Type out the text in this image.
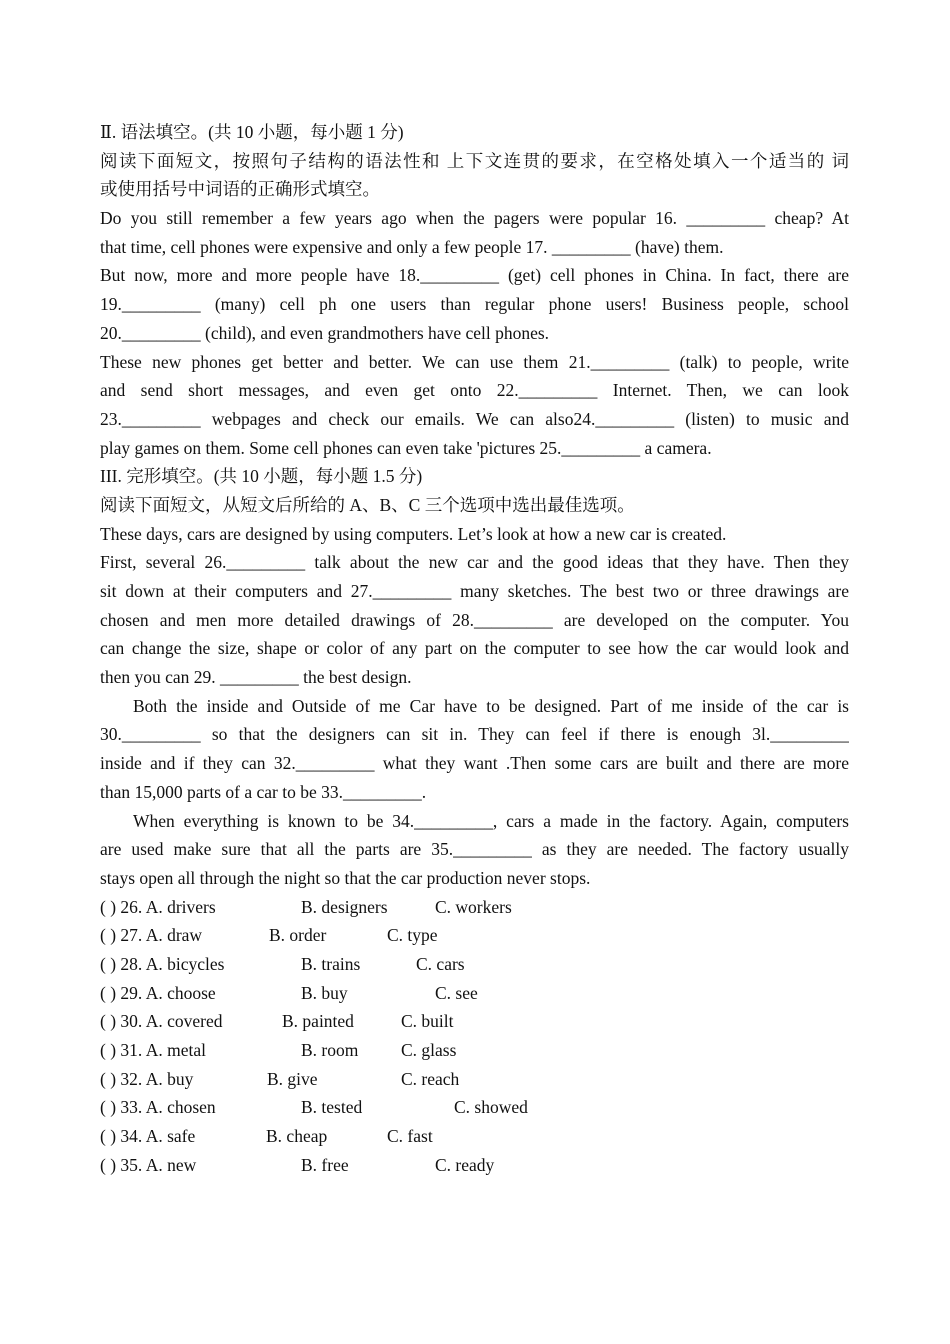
Ⅱ. 语法填空。(共 10 小题，每小题 1 分)
阅读下面短文，按照句子结构的语法性和 上下文连贯的要求，在空格处填入一个适当的 词
或使用括号中词语的正确形式填空。
Do you still remember a few years ago when the pagers were popular 16. _________ cheap? At
that time, cell phones were expensive and only a few people 17. _________ (have) them.
But now, more and more people have 18._________ (get) cell phones in China. In fact, there are
19._________ (many) cell ph one users than regular phone users! Business people, school
20._________ (child), and even grandmothers have cell phones.
These new phones get better and better. We can use them 21._________ (talk) to people, write
and send short messages, and even get onto 22._________ Internet. Then, we can look
23._________ webpages and check our emails. We can also24._________ (listen) to music and
play games on them. Some cell phones can even take 'pictures 25._________ a camera.
III. 完形填空。(共 10 小题，每小题 1.5 分)
阅读下面短文，从短文后所给的 A、B、C 三个选项中选出最佳选项。
These days, cars are designed by using computers. Let’s look at how a new car is created.
First, several 26._________ talk about the new car and the good ideas that they have. Then they
sit down at their computers and 27._________ many sketches. The best two or three drawings are
chosen and men more detailed drawings of 28._________ are developed on the computer. You
can change the size, shape or color of any part on the computer to see how the car would look and
then you can 29. _________ the best design.
Both the inside and Outside of me Car have to be designed. Part of me inside of the car is
30._________ so that the designers can sit in. They can feel if there is enough 3l._________
inside and if they can 32._________ what they want .Then some cars are built and there are more
than 15,000 parts of a car to be 33._________.
When everything is known to be 34._________, cars a made in the factory. Again, computers
are used make sure that all the parts are 35._________ as they are needed. The factory usually
stays open all through the night so that the car production never stops.
( ) 26. A. drivers	B. designers	C. workers
( ) 27. A. draw	B. order	C. type
( ) 28. A. bicycles	B. trains	C. cars
( ) 29. A. choose	B. buy	C. see
( ) 30. A. covered	B. painted	C. built
( ) 31. A. metal	B. room C. glass
( ) 32. A. buy	B. give	C. reach
( ) 33. A. chosen	B. tested	C. showed
( ) 34. A. safe	B. cheap	C. fast
( ) 35. A. new	B. free	C. ready
